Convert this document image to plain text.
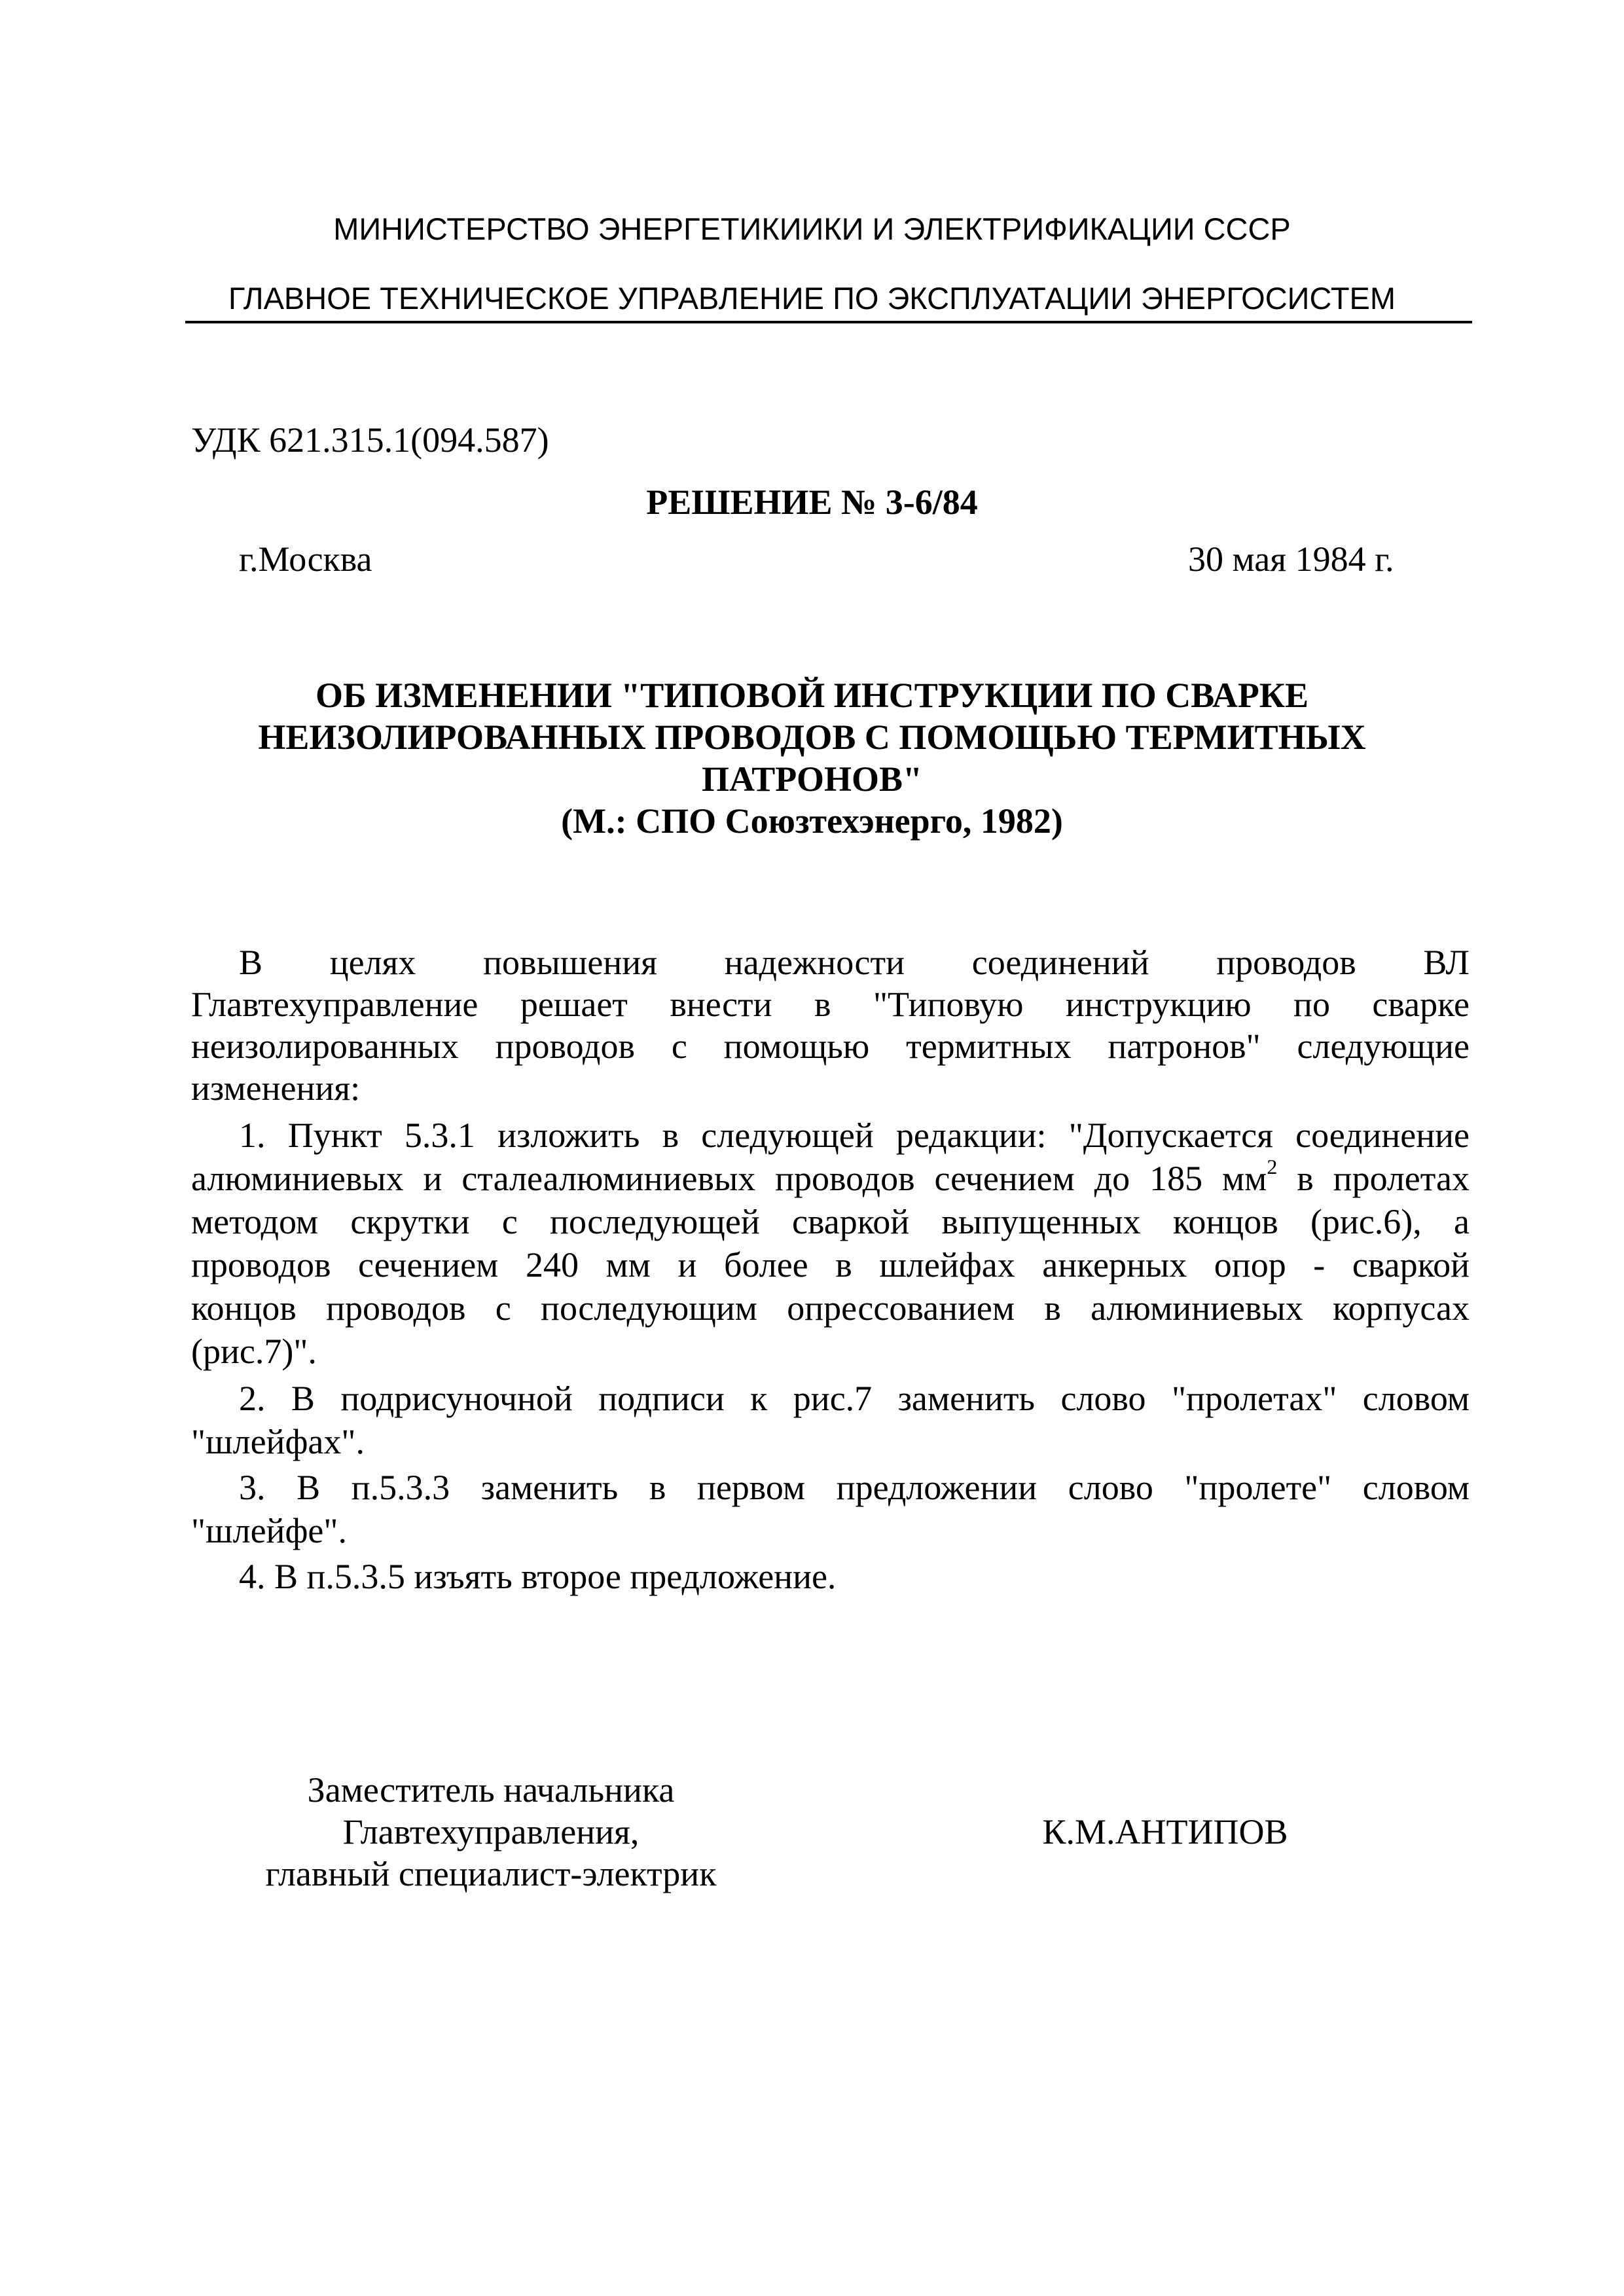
МИНИСТЕРСТВО ЭНЕРГЕТИКИИКИ И ЭЛЕКТРИФИКАЦИИ СССР
ГЛАВНОЕ ТЕХНИЧЕСКОЕ УПРАВЛЕНИЕ ПО ЭКСПЛУАТАЦИИ ЭНЕРГОСИСТЕМ
УДК 621.315.1(094.587)
РЕШЕНИЕ № 3-6/84
г.Москва	30 мая 1984 г.
ОБ ИЗМЕНЕНИИ "ТИПОВОЙ ИНСТРУКЦИИ ПО СВАРКЕ
НЕИЗОЛИРОВАННЫХ ПРОВОДОВ С ПОМОЩЬЮ ТЕРМИТНЫХ
ПАТРОНОВ"
(М.: СПО Союзтехэнерго, 1982)
В целях повышения надежности соединений проводов ВЛ
Главтехуправление решает внести в "Типовую инструкцию по сварке
неизолированных проводов с помощью термитных патронов" следующие
изменения:
1. Пункт 5.3.1 изложить в следующей редакции: "Допускается соединение
алюминиевых и сталеалюминиевых проводов сечением до 185 $мм^2$ в пролетах
методом скрутки с последующей сваркой выпущенных концов (рис.6), а
проводов сечением 240 мм и более в шлейфах анкерных опор - сваркой
концов проводов с последующим опрессованием в алюминиевых корпусах
(рис.7)".
2. В подрисуночной подписи к рис.7 заменить слово "пролетах" словом
"шлейфах".
3. В п.5.3.3 заменить в первом предложении слово "пролете" словом
"шлейфе".
4. В п.5.3.5 изъять второе предложение.
Заместитель начальника
Главтехуправления,
главный специалист-электрик
К.М.АНТИПОВ
